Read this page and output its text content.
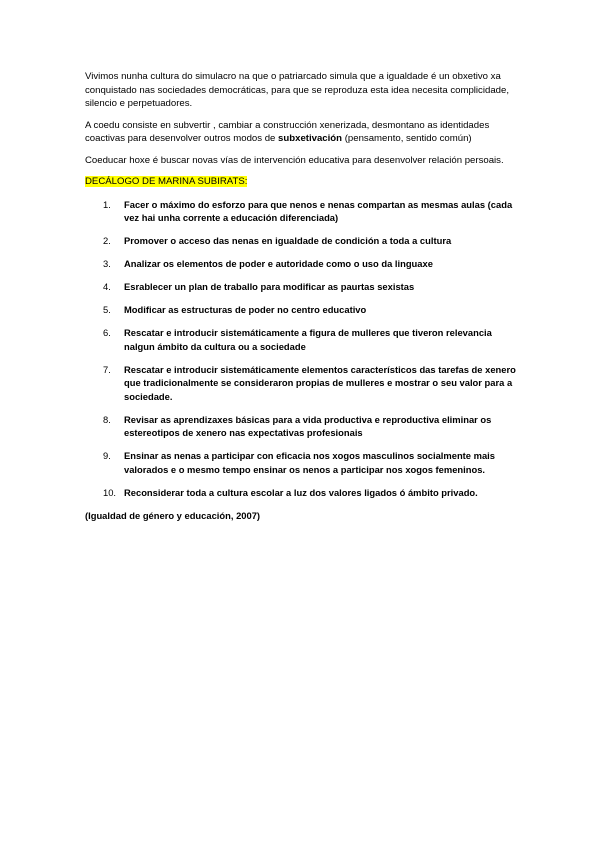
Vivimos nunha cultura do simulacro na que o patriarcado simula que a igualdade é un obxetivo xa conquistado nas sociedades democráticas, para que se reproduza esta idea necesita complicidade, silencio e perpetuadores.

A coedu consiste en subvertir , cambiar a construcción xenerizada, desmontano as identidades coactivas para desenvolver outros modos de subxetivación (pensamento, sentido común)

Coeducar hoxe é buscar novas vías de intervención educativa para desenvolver relación persoais.

DECÁLOGO DE MARINA SUBIRATS:

1.	Facer o máximo do esforzo para que nenos e nenas compartan as mesmas aulas (cada vez hai unha corrente a educación diferenciada)
2.	Promover o acceso das nenas en igualdade de condición a toda a cultura
3.	Analizar os elementos de poder e autoridade como o uso da linguaxe
4.	Esrablecer un plan de traballo para modificar as paurtas sexistas
5.	Modificar as estructuras de poder no centro educativo
6.	Rescatar e introducir sistemáticamente a figura de mulleres que tiveron relevancia nalgun ámbito da cultura ou a sociedade
7.	Rescatar e introducir sistemáticamente elementos característicos das tarefas de xenero que tradicionalmente se consideraron propias de mulleres e mostrar o seu valor para a sociedade.
8.	Revisar as aprendizaxes básicas para a vida productiva e reproductiva eliminar os estereotipos de xenero nas expectativas profesionais
9.	Ensinar as nenas a participar con eficacia nos xogos masculinos socialmente mais valorados e o mesmo tempo ensinar os nenos a participar nos xogos femeninos.
10. Reconsiderar toda a cultura escolar a luz dos valores ligados ó ámbito privado.

(Igualdad de género y educación, 2007)
